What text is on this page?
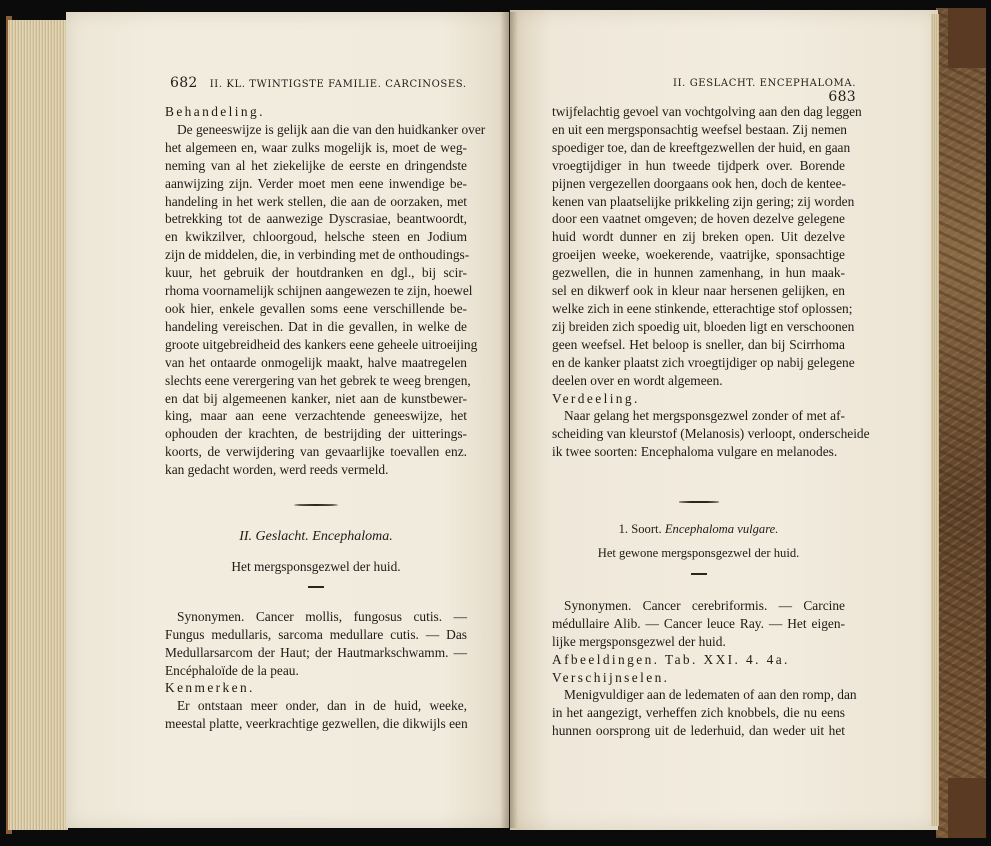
682 II. KL. TWINTIGSTE FAMILIE. CARCINOSES.	II. GESLACHT. ENCEPHALOMA. 683
Behandeling.
De geneeswijze is gelijk aan die van den huidkanker over
het algemeen en, waar zulks mogelijk is, moet de weg-
neming van al het ziekelijke de eerste en dringendste
aanwijzing zijn. Verder moet men eene inwendige be-
handeling in het werk stellen, die aan de oorzaken, met
betrekking tot de aanwezige Dyscrasiae, beantwoordt,
en kwikzilver, chloorgoud, helsche steen en Jodium
zijn de middelen, die, in verbinding met de onthoudings-
kuur, het gebruik der houtdranken en dgl., bij scir-
rhoma voornamelijk schijnen aangewezen te zijn, hoewel
ook hier, enkele gevallen soms eene verschillende be-
handeling vereischen. Dat in die gevallen, in welke de
groote uitgebreidheid des kankers eene geheele uitroeijing
van het ontaarde onmogelijk maakt, halve maatregelen
slechts eene verergering van het gebrek te weeg brengen,
en dat bij algemeenen kanker, niet aan de kunstbewer-
king, maar aan eene verzachtende geneeswijze, het
ophouden der krachten, de bestrijding der uitterings-
koorts, de verwijdering van gevaarlijke toevallen enz.
kan gedacht worden, werd reeds vermeld.
II. Geslacht. Encephaloma.
Het mergsponsgezwel der huid.
Synonymen. Cancer mollis, fungosus cutis. —
Fungus medullaris, sarcoma medullare cutis. — Das
Medullarsarcom der Haut; der Hautmarkschwamm. —
Encéphaloïde de la peau.
Kenmerken.
Er ontstaan meer onder, dan in de huid, weeke,
meestal platte, veerkrachtige gezwellen, die dikwijls een
twijfelachtig gevoel van vochtgolving aan den dag leggen
en uit een mergsponsachtig weefsel bestaan. Zij nemen
spoediger toe, dan de kreeftgezwellen der huid, en gaan
vroegtijdiger in hun tweede tijdperk over. Borende
pijnen vergezellen doorgaans ook hen, doch de kentee-
kenen van plaatselijke prikkeling zijn gering; zij worden
door een vaatnet omgeven; de hoven dezelve gelegene
huid wordt dunner en zij breken open. Uit dezelve
groeijen weeke, woekerende, vaatrijke, sponsachtige
gezwellen, die in hunnen zamenhang, in hun maak-
sel en dikwerf ook in kleur naar hersenen gelijken, en
welke zich in eene stinkende, etterachtige stof oplossen;
zij breiden zich spoedig uit, bloeden ligt en verschoonen
geen weefsel. Het beloop is sneller, dan bij Scirrhoma
en de kanker plaatst zich vroegtijdiger op nabij gelegene
deelen over en wordt algemeen.
Verdeeling.
Naar gelang het mergsponsgezwel zonder of met af-
scheiding van kleurstof (Melanosis) verloopt, onderscheide
ik twee soorten: Encephaloma vulgare en melanodes.
1. Soort. Encephaloma vulgare.
Het gewone mergsponsgezwel der huid.
Synonymen. Cancer cerebriformis. — Carcine
médullaire Alib. — Cancer leuce Ray. — Het eigen-
lijke mergsponsgezwel der huid.
Afbeeldingen. Tab. XXI. 4. 4a.
Verschijnselen.
Menigvuldiger aan de ledematen of aan den romp, dan
in het aangezigt, verheffen zich knobbels, die nu eens
hunnen oorsprong uit de lederhuid, dan weder uit het
